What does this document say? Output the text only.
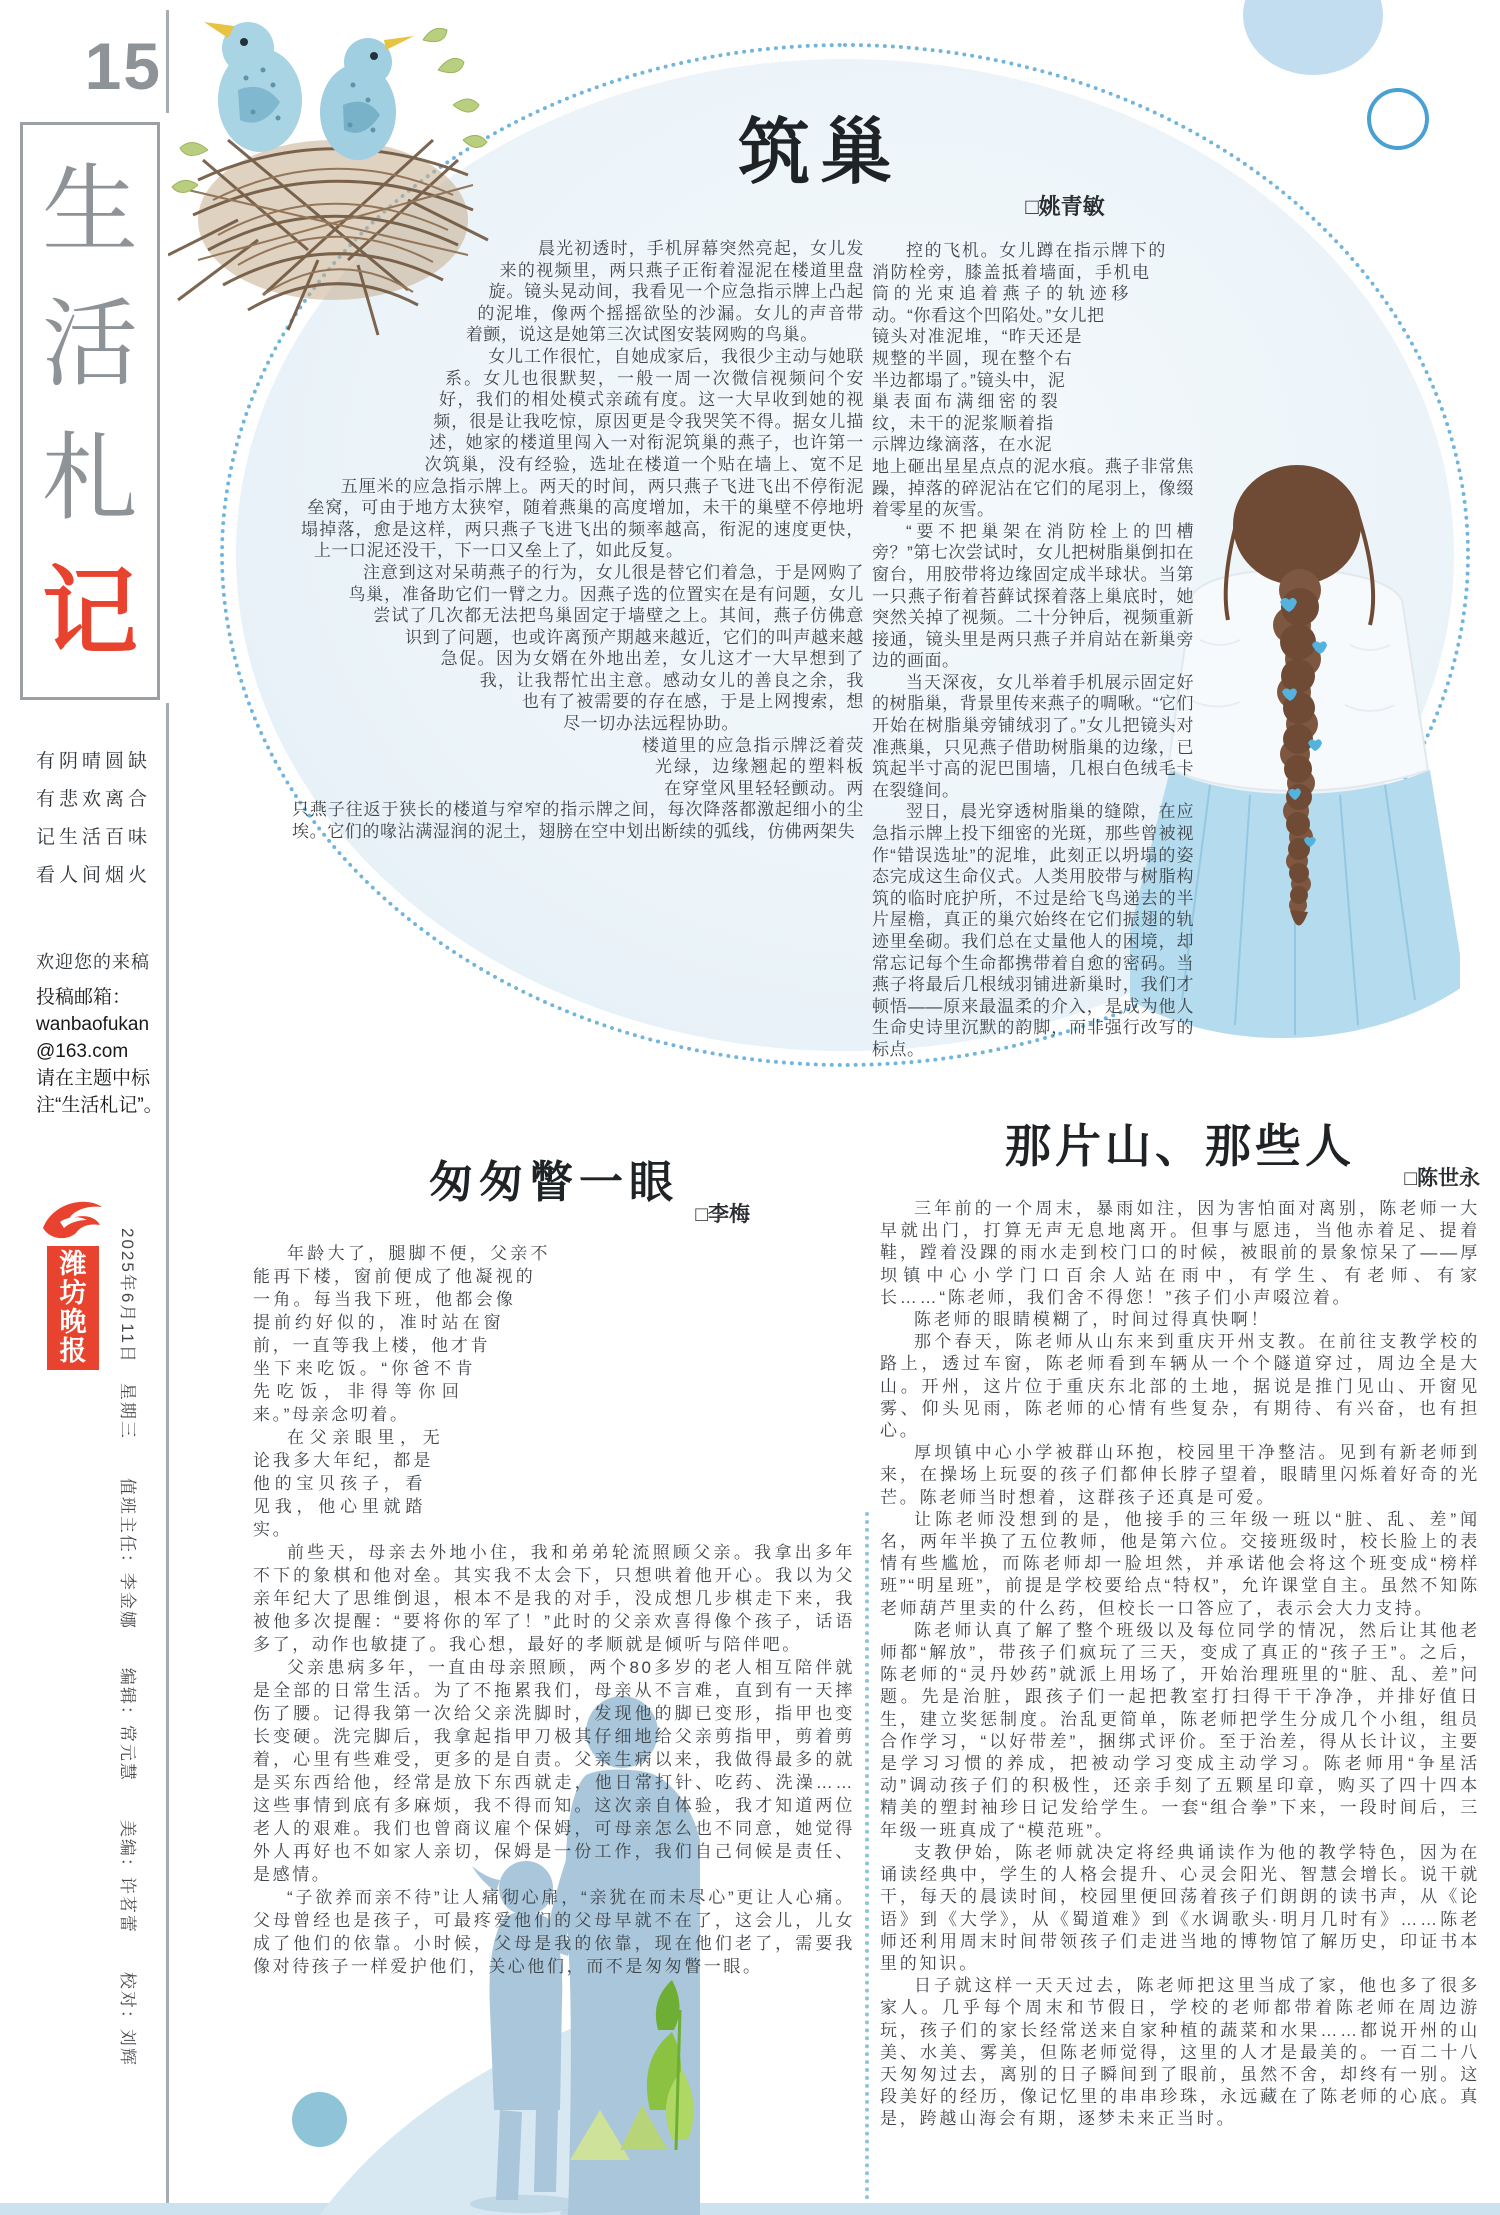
15
生
活
札
记
有阴晴圆缺
有悲欢离合
记生活百味
看人间烟火
欢迎您的来稿
投稿邮箱：
wanbaofukan
@163.com
请在主题中标
注“生活札记”。
潍
坊
晚
报 2025年6月11日　星期三　　值班主任：李金娜　　编辑：常元慧　　美编：许茗蕾　　校对：刘辉
筑巢
□姚青敏

晨光初透时，手机屏幕突然亮起，女儿发来的视频里，两只燕子正衔着湿泥在楼道里盘旋。镜头晃动间，我看见一个应急指示牌上凸起的泥堆，像两个摇摇欲坠的沙漏。女儿的声音带着颤，说这是她第三次试图安装网购的鸟巢。

女儿工作很忙，自她成家后，我很少主动与她联系。女儿也很默契，一般一周一次微信视频问个安好，我们的相处模式亲疏有度。这一大早收到她的视频，很是让我吃惊，原因更是令我哭笑不得。据女儿描述，她家的楼道里闯入一对衔泥筑巢的燕子，也许第一次筑巢，没有经验，选址在楼道一个贴在墙上、宽不足五厘米的应急指示牌上。两天的时间，两只燕子飞进飞出不停衔泥垒窝，可由于地方太狭窄，随着燕巢的高度增加，未干的巢壁不停地坍塌掉落，愈是这样，两只燕子飞进飞出的频率越高，衔泥的速度更快，上一口泥还没干，下一口又垒上了，如此反复。

注意到这对呆萌燕子的行为，女儿很是替它们着急，于是网购了鸟巢，准备助它们一臂之力。因燕子选的位置实在是有问题，女儿尝试了几次都无法把鸟巢固定于墙壁之上。其间，燕子仿佛意识到了问题，也或许离预产期越来越近，它们的叫声越来越急促。因为女婿在外地出差，女儿这才一大早想到了我，让我帮忙出主意。感动女儿的善良之余，我也有了被需要的存在感，于是上网搜索，想尽一切办法远程协助。

楼道里的应急指示牌泛着荧光绿，边缘翘起的塑料板在穿堂风里轻轻颤动。两只燕子往返于狭长的楼道与窄窄的指示牌之间，每次降落都激起细小的尘埃。它们的喙沾满湿润的泥土，翅膀在空中划出断续的弧线，仿佛两架失

控的飞机。女儿蹲在指示牌下的消防栓旁，膝盖抵着墙面，手机电筒的光束追着燕子的轨迹移动。“你看这个凹陷处。”女儿把镜头对准泥堆，“昨天还是规整的半圆，现在整个右半边都塌了。”镜头中，泥巢表面布满细密的裂纹，未干的泥浆顺着指示牌边缘滴落，在水泥地上砸出星星点点的泥水痕。燕子非常焦躁，掉落的碎泥沾在它们的尾羽上，像缀着零星的灰雪。

“要不把巢架在消防栓上的凹槽旁？”第七次尝试时，女儿把树脂巢倒扣在窗台，用胶带将边缘固定成半球状。当第一只燕子衔着苔藓试探着落上巢底时，她突然关掉了视频。二十分钟后，视频重新接通，镜头里是两只燕子并肩站在新巢旁边的画面。

当天深夜，女儿举着手机展示固定好的树脂巢，背景里传来燕子的啁啾。“它们开始在树脂巢旁铺绒羽了。”女儿把镜头对准燕巢，只见燕子借助树脂巢的边缘，已筑起半寸高的泥巴围墙，几根白色绒毛卡在裂缝间。

翌日，晨光穿透树脂巢的缝隙，在应急指示牌上投下细密的光斑，那些曾被视作“错误选址”的泥堆，此刻正以坍塌的姿态完成这生命仪式。人类用胶带与树脂构筑的临时庇护所，不过是给飞鸟递去的半片屋檐，真正的巢穴始终在它们振翅的轨迹里垒砌。我们总在丈量他人的困境，却常忘记每个生命都携带着自愈的密码。当燕子将最后几根绒羽铺进新巢时，我们才顿悟——原来最温柔的介入，是成为他人生命史诗里沉默的韵脚，而非强行改写的标点。

匆匆瞥一眼
□李梅

年龄大了，腿脚不便，父亲不能再下楼，窗前便成了他凝视的一角。每当我下班，他都会像提前约好似的，准时站在窗前，一直等我上楼，他才肯坐下来吃饭。“你爸不肯先吃饭，非得等你回来。”母亲念叨着。

在父亲眼里，无论我多大年纪，都是他的宝贝孩子，看见我，他心里就踏实。

前些天，母亲去外地小住，我和弟弟轮流照顾父亲。我拿出多年不下的象棋和他对垒。其实我不太会下，只想哄着他开心。我以为父亲年纪大了思维倒退，根本不是我的对手，没成想几步棋走下来，我被他多次提醒：“要将你的军了！”此时的父亲欢喜得像个孩子，话语多了，动作也敏捷了。我心想，最好的孝顺就是倾听与陪伴吧。

父亲患病多年，一直由母亲照顾，两个80多岁的老人相互陪伴就是全部的日常生活。为了不拖累我们，母亲从不言难，直到有一天摔伤了腰。记得我第一次给父亲洗脚时，发现他的脚已变形，指甲也变长变硬。洗完脚后，我拿起指甲刀极其仔细地给父亲剪指甲，剪着剪着，心里有些难受，更多的是自责。父亲生病以来，我做得最多的就是买东西给他，经常是放下东西就走，他日常打针、吃药、洗澡……这些事情到底有多麻烦，我不得而知。这次亲自体验，我才知道两位老人的艰难。我们也曾商议雇个保姆，可母亲怎么也不同意，她觉得外人再好也不如家人亲切，保姆是一份工作，我们自己伺候是责任、是感情。

“子欲养而亲不待”让人痛彻心扉，“亲犹在而未尽心”更让人心痛。父母曾经也是孩子，可最疼爱他们的父母早就不在了，这会儿，儿女成了他们的依靠。小时候，父母是我的依靠，现在他们老了，需要我像对待孩子一样爱护他们，关心他们，而不是匆匆瞥一眼。

那片山、那些人
□陈世永

三年前的一个周末，暴雨如注，因为害怕面对离别，陈老师一大早就出门，打算无声无息地离开。但事与愿违，当他赤着足、提着鞋，蹚着没踝的雨水走到校门口的时候，被眼前的景象惊呆了——厚坝镇中心小学门口百余人站在雨中，有学生、有老师、有家长……“陈老师，我们舍不得您！”孩子们小声啜泣着。

陈老师的眼睛模糊了，时间过得真快啊！

那个春天，陈老师从山东来到重庆开州支教。在前往支教学校的路上，透过车窗，陈老师看到车辆从一个个隧道穿过，周边全是大山。开州，这片位于重庆东北部的土地，据说是推门见山、开窗见雾、仰头见雨，陈老师的心情有些复杂，有期待、有兴奋，也有担心。

厚坝镇中心小学被群山环抱，校园里干净整洁。见到有新老师到来，在操场上玩耍的孩子们都伸长脖子望着，眼睛里闪烁着好奇的光芒。陈老师当时想着，这群孩子还真是可爱。

让陈老师没想到的是，他接手的三年级一班以“脏、乱、差”闻名，两年半换了五位教师，他是第六位。交接班级时，校长脸上的表情有些尴尬，而陈老师却一脸坦然，并承诺他会将这个班变成“榜样班”“明星班”，前提是学校要给点“特权”，允许课堂自主。虽然不知陈老师葫芦里卖的什么药，但校长一口答应了，表示会大力支持。

陈老师认真了解了整个班级以及每位同学的情况，然后让其他老师都“解放”，带孩子们疯玩了三天，变成了真正的“孩子王”。之后，陈老师的“灵丹妙药”就派上用场了，开始治理班里的“脏、乱、差”问题。先是治脏，跟孩子们一起把教室打扫得干干净净，并排好值日生，建立奖惩制度。治乱更简单，陈老师把学生分成几个小组，组员合作学习，“以好带差”，捆绑式评价。至于治差，得从长计议，主要是学习习惯的养成，把被动学习变成主动学习。陈老师用“争星活动”调动孩子们的积极性，还亲手刻了五颗星印章，购买了四十四本精美的塑封袖珍日记发给学生。一套“组合拳”下来，一段时间后，三年级一班真成了“模范班”。

支教伊始，陈老师就决定将经典诵读作为他的教学特色，因为在诵读经典中，学生的人格会提升、心灵会阳光、智慧会增长。说干就干，每天的晨读时间，校园里便回荡着孩子们朗朗的读书声，从《论语》到《大学》，从《蜀道难》到《水调歌头·明月几时有》……陈老师还利用周末时间带领孩子们走进当地的博物馆了解历史，印证书本里的知识。

日子就这样一天天过去，陈老师把这里当成了家，他也多了很多家人。几乎每个周末和节假日，学校的老师都带着陈老师在周边游玩，孩子们的家长经常送来自家种植的蔬菜和水果……都说开州的山美、水美、雾美，但陈老师觉得，这里的人才是最美的。一百二十八天匆匆过去，离别的日子瞬间到了眼前，虽然不舍，却终有一别。这段美好的经历，像记忆里的串串珍珠，永远藏在了陈老师的心底。真是，跨越山海会有期，逐梦未来正当时。
